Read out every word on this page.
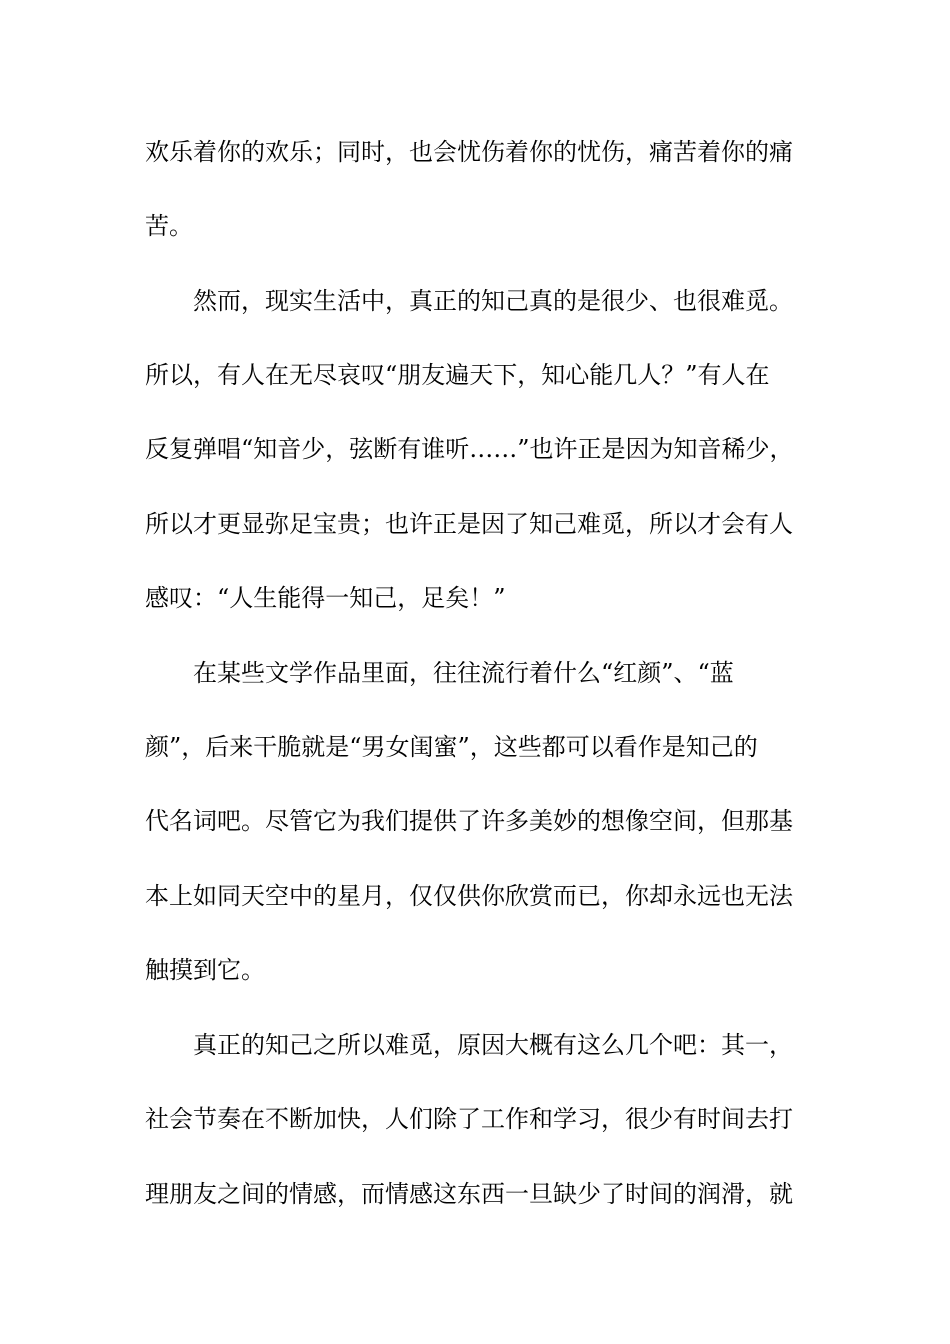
欢乐着你的欢乐；同时，也会忧伤着你的忧伤，痛苦着你的痛
苦。
然而，现实生活中，真正的知己真的是很少、也很难觅。
所以，有人在无尽哀叹“朋友遍天下，知心能几人？”有人在
反复弹唱“知音少，弦断有谁听……”也许正是因为知音稀少，
所以才更显弥足宝贵；也许正是因了知己难觅，所以才会有人
感叹：“人生能得一知己，足矣！”
在某些文学作品里面，往往流行着什么“红颜”、“蓝
颜”，后来干脆就是“男女闺蜜”，这些都可以看作是知己的
代名词吧。尽管它为我们提供了许多美妙的想像空间，但那基
本上如同天空中的星月，仅仅供你欣赏而已，你却永远也无法
触摸到它。
真正的知己之所以难觅，原因大概有这么几个吧：其一，
社会节奏在不断加快，人们除了工作和学习，很少有时间去打
理朋友之间的情感，而情感这东西一旦缺少了时间的润滑，就
